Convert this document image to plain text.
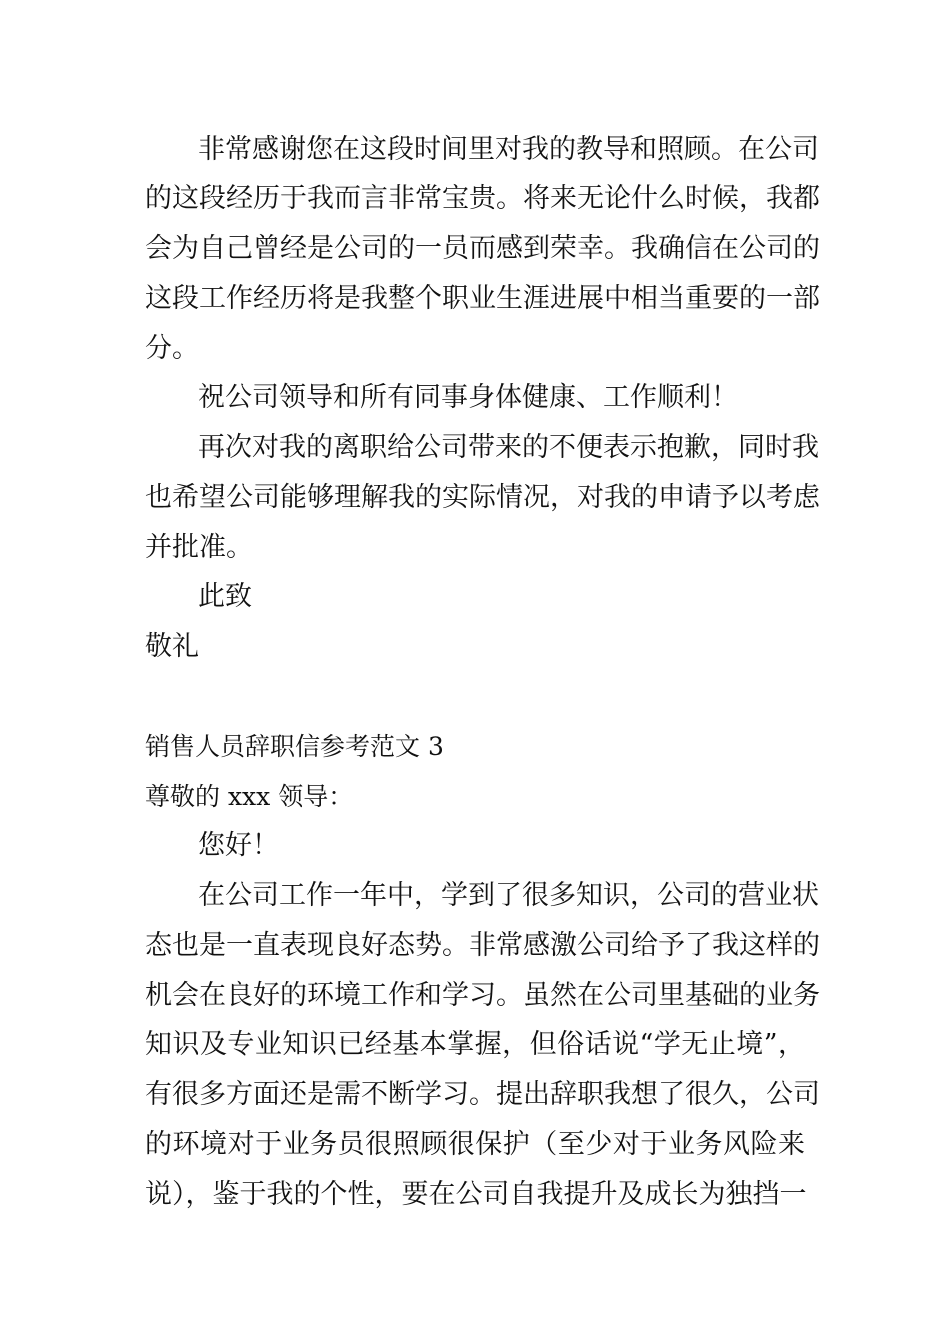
非常感谢您在这段时间里对我的教导和照顾。在公司
的这段经历于我而言非常宝贵。将来无论什么时候，我都
会为自己曾经是公司的一员而感到荣幸。我确信在公司的
这段工作经历将是我整个职业生涯进展中相当重要的一部
分。
祝公司领导和所有同事身体健康、工作顺利！
再次对我的离职给公司带来的不便表示抱歉，同时我
也希望公司能够理解我的实际情况，对我的申请予以考虑
并批准。
此致
敬礼
销售人员辞职信参考范文 3
尊敬的 xxx 领导：
您好！
在公司工作一年中，学到了很多知识，公司的营业状
态也是一直表现良好态势。非常感激公司给予了我这样的
机会在良好的环境工作和学习。虽然在公司里基础的业务
知识及专业知识已经基本掌握，但俗话说“学无止境”，
有很多方面还是需不断学习。提出辞职我想了很久，公司
的环境对于业务员很照顾很保护（至少对于业务风险来
说），鉴于我的个性，要在公司自我提升及成长为独挡一
